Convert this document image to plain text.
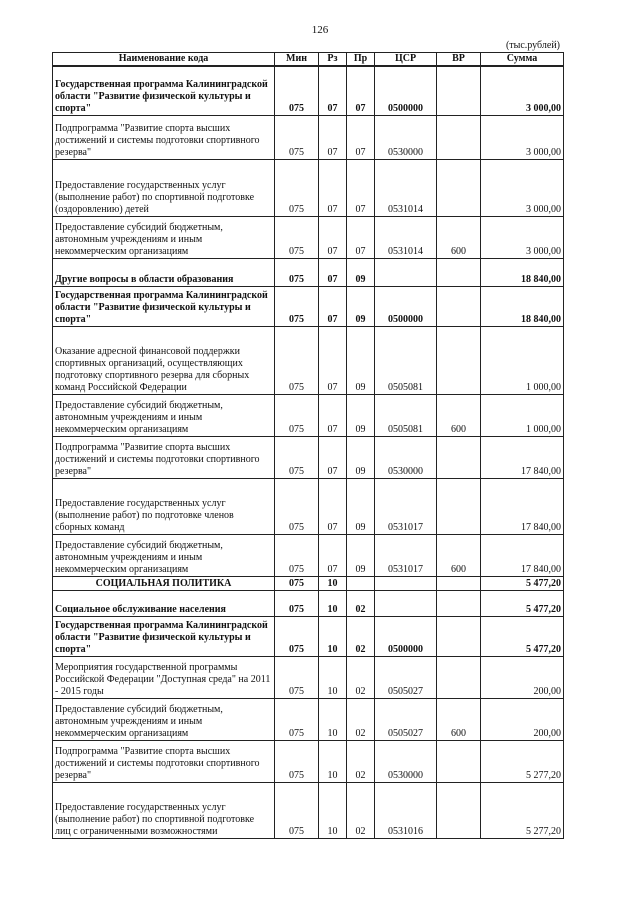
126
(тыс.рублей)
Наименование кода	Мин	Рз	Пр	ЦСР	ВР	Сумма
Государственная программа Калининградской области "Развитие физической культуры и спорта"	075	07	07	0500000		3 000,00
Подпрограмма "Развитие спорта высших достижений и системы подготовки спортивного резерва"	075	07	07	0530000		3 000,00
Предоставление государственных услуг (выполнение работ) по спортивной подготовке (оздоровлению) детей	075	07	07	0531014		3 000,00
Предоставление субсидий бюджетным, автономным учреждениям и иным некоммерческим организациям	075	07	07	0531014	600	3 000,00
Другие вопросы в области образования	075	07	09			18 840,00
Государственная программа Калининградской области "Развитие физической культуры и спорта"	075	07	09	0500000		18 840,00
Оказание адресной финансовой поддержки спортивных организаций, осуществляющих подготовку спортивного резерва для сборных команд Российской Федерации	075	07	09	0505081		1 000,00
Предоставление субсидий бюджетным, автономным учреждениям и иным некоммерческим организациям	075	07	09	0505081	600	1 000,00
Подпрограмма "Развитие спорта высших достижений и системы подготовки спортивного резерва"	075	07	09	0530000		17 840,00
Предоставление государственных услуг (выполнение работ) по подготовке членов сборных команд	075	07	09	0531017		17 840,00
Предоставление субсидий бюджетным, автономным учреждениям и иным некоммерческим организациям	075	07	09	0531017	600	17 840,00
СОЦИАЛЬНАЯ ПОЛИТИКА	075	10				5 477,20
Социальное обслуживание населения	075	10	02			5 477,20
Государственная программа Калининградской области "Развитие физической культуры и спорта"	075	10	02	0500000		5 477,20
Мероприятия государственной программы Российской Федерации "Доступная среда" на 2011 - 2015 годы	075	10	02	0505027		200,00
Предоставление субсидий бюджетным, автономным учреждениям и иным некоммерческим организациям	075	10	02	0505027	600	200,00
Подпрограмма "Развитие спорта высших достижений и системы подготовки спортивного резерва"	075	10	02	0530000		5 277,20
Предоставление государственных услуг (выполнение работ) по спортивной подготовке лиц с ограниченными возможностями	075	10	02	0531016		5 277,20
